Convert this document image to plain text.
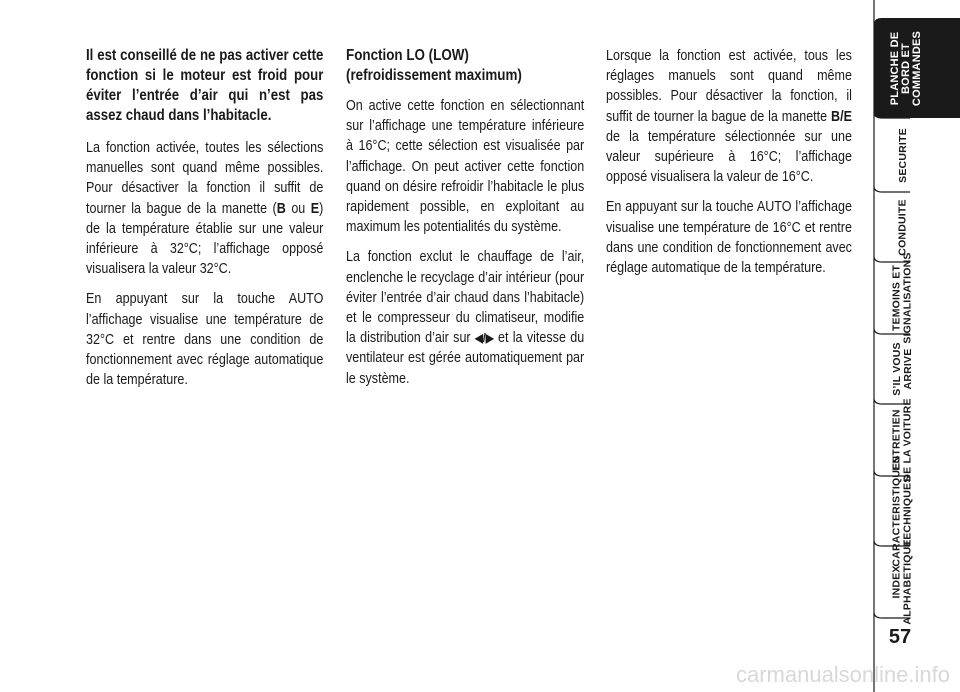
Il est conseillé de ne pas activer cette fonction si le moteur est froid pour éviter l’entrée d’air qui n’est pas assez chaud dans l’habitacle.

La fonction activée, toutes les sélections manuelles sont quand même possibles. Pour désactiver la fonction il suffit de tourner la bague de la manette (B ou E) de la température établie sur une valeur inférieure à 32°C; l’affichage opposé visualisera la valeur 32°C.

En appuyant sur la touche AUTO l’afﬁchage visualise une température de 32°C et rentre dans une condition de fonctionnement avec réglage automatique de la température.

Fonction LO (LOW)
(refroidissement maximum)

On active cette fonction en sélectionnant sur l’afﬁchage une température inférieure à 16°C; cette sélection est visualisée par l’affichage. On peut activer cette fonction quand on désire refroidir l’habitacle le plus rapidement possible, en exploitant au maximum les potentialités du système.

La fonction exclut le chauffage de l’air, enclenche le recyclage d’air intérieur (pour éviter l’entrée d’air chaud dans l’habitacle) et le compresseur du climatiseur, modifie la distribution d’air sur ◀/▶ et la vitesse du ventilateur est gérée automatiquement par le système.

Lorsque la fonction est activée, tous les réglages manuels sont quand même possibles. Pour désactiver la fonction, il suffit de tourner la bague de la manette B/E de la température sélectionnée sur une valeur supérieure à 16°C; l’affichage opposé visualisera la valeur de 16°C.

En appuyant sur la touche AUTO l’afﬁchage visualise une température de 16°C et rentre dans une condition de fonctionnement avec réglage automatique de la température.

PLANCHE DE BORD ET COMMANDES
SECURITE
CONDUITE
TEMOINS ET SIGNALISATIONS
S’IL VOUS ARRIVE
ENTRETIEN DE LA VOITURE
CARACTERISTIQUES TECHNIQUES
INDEX ALPHABETIQUE
57
carmanualsonline.info
